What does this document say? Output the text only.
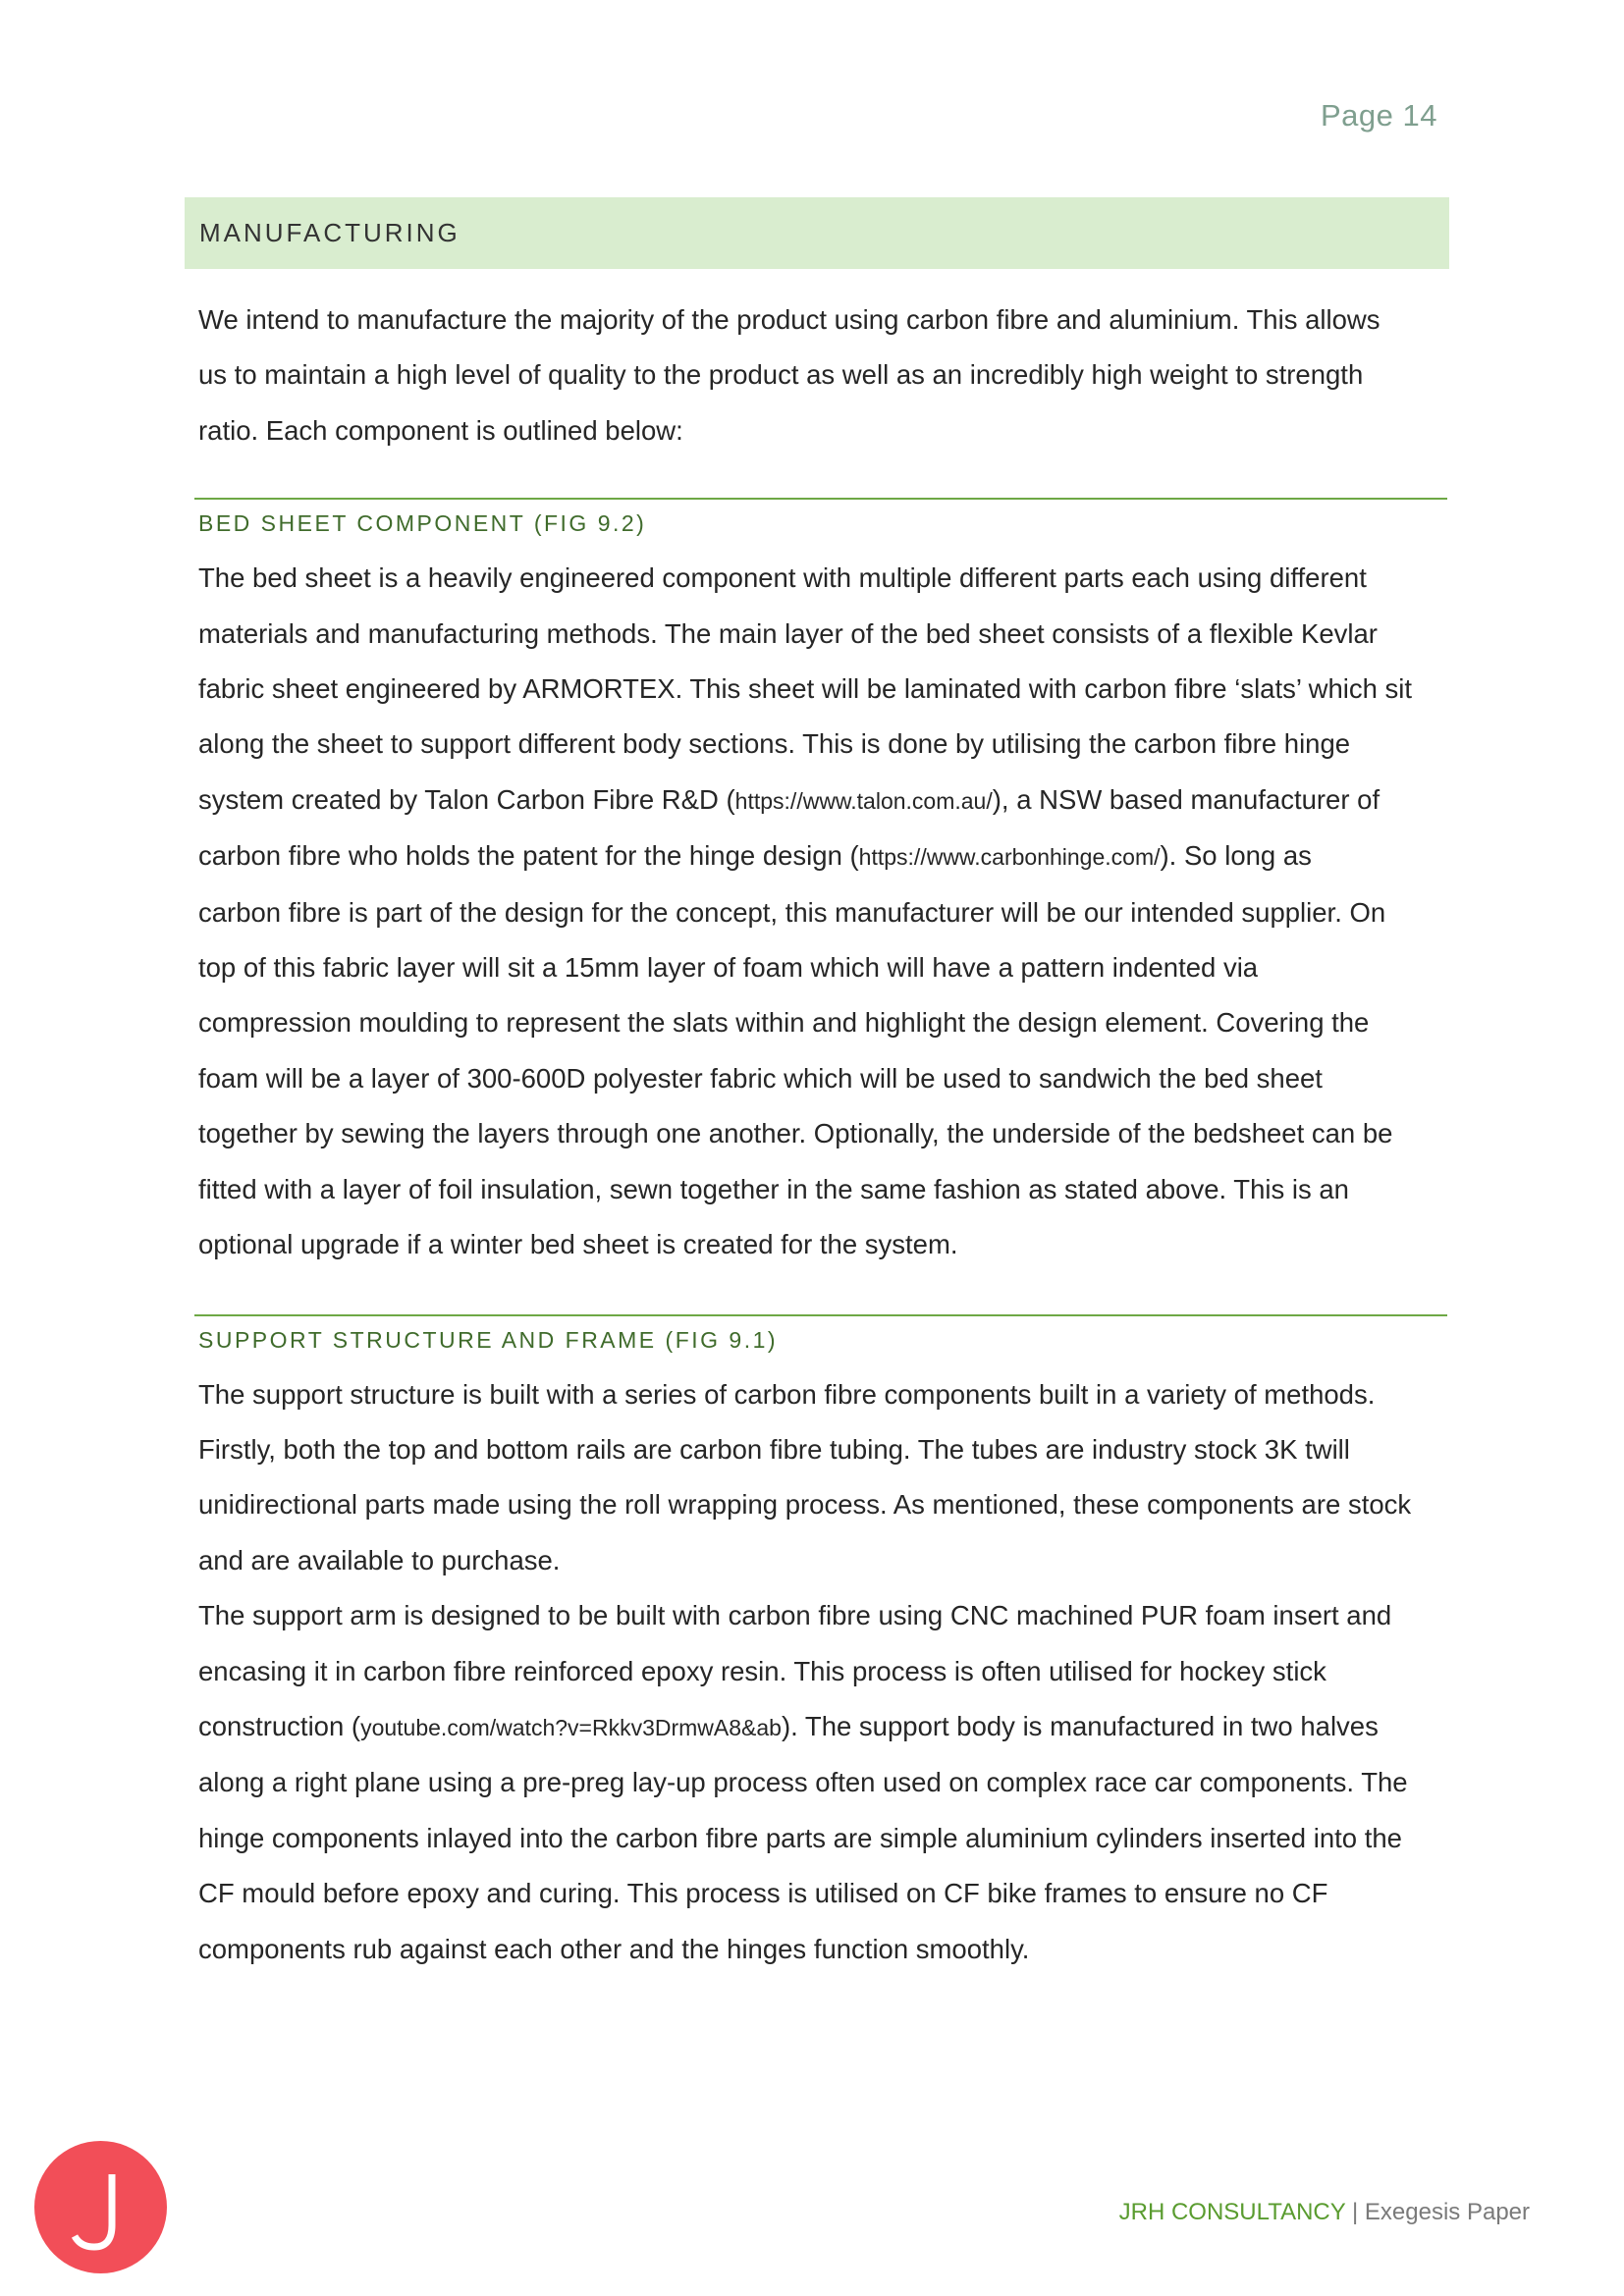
Page 14
MANUFACTURING

We intend to manufacture the majority of the product using carbon fibre and aluminium. This allows

us to maintain a high level of quality to the product as well as an incredibly high weight to strength

ratio. Each component is outlined below:

BED SHEET COMPONENT (FIG 9.2)

The bed sheet is a heavily engineered component with multiple different parts each using different

materials and manufacturing methods. The main layer of the bed sheet consists of a flexible Kevlar

fabric sheet engineered by ARMORTEX. This sheet will be laminated with carbon fibre ‘slats’ which sit

along the sheet to support different body sections. This is done by utilising the carbon fibre hinge

system created by Talon Carbon Fibre R&D (https://www.talon.com.au/), a NSW based manufacturer of

carbon fibre who holds the patent for the hinge design (https://www.carbonhinge.com/). So long as

carbon fibre is part of the design for the concept, this manufacturer will be our intended supplier. On

top of this fabric layer will sit a 15mm layer of foam which will have a pattern indented via

compression moulding to represent the slats within and highlight the design element. Covering the

foam will be a layer of 300-600D polyester fabric which will be used to sandwich the bed sheet

together by sewing the layers through one another. Optionally, the underside of the bedsheet can be

fitted with a layer of foil insulation, sewn together in the same fashion as stated above. This is an

optional upgrade if a winter bed sheet is created for the system.

SUPPORT STRUCTURE AND FRAME (FIG 9.1)

The support structure is built with a series of carbon fibre components built in a variety of methods.

Firstly, both the top and bottom rails are carbon fibre tubing. The tubes are industry stock 3K twill

unidirectional parts made using the roll wrapping process. As mentioned, these components are stock

and are available to purchase.

The support arm is designed to be built with carbon fibre using CNC machined PUR foam insert and

encasing it in carbon fibre reinforced epoxy resin. This process is often utilised for hockey stick

construction (youtube.com/watch?v=Rkkv3DrmwA8&ab). The support body is manufactured in two halves

along a right plane using a pre-preg lay-up process often used on complex race car components. The

hinge components inlayed into the carbon fibre parts are simple aluminium cylinders inserted into the

CF mould before epoxy and curing. This process is utilised on CF bike frames to ensure no CF

components rub against each other and the hinges function smoothly.

JRH CONSULTANCY | Exegesis Paper
